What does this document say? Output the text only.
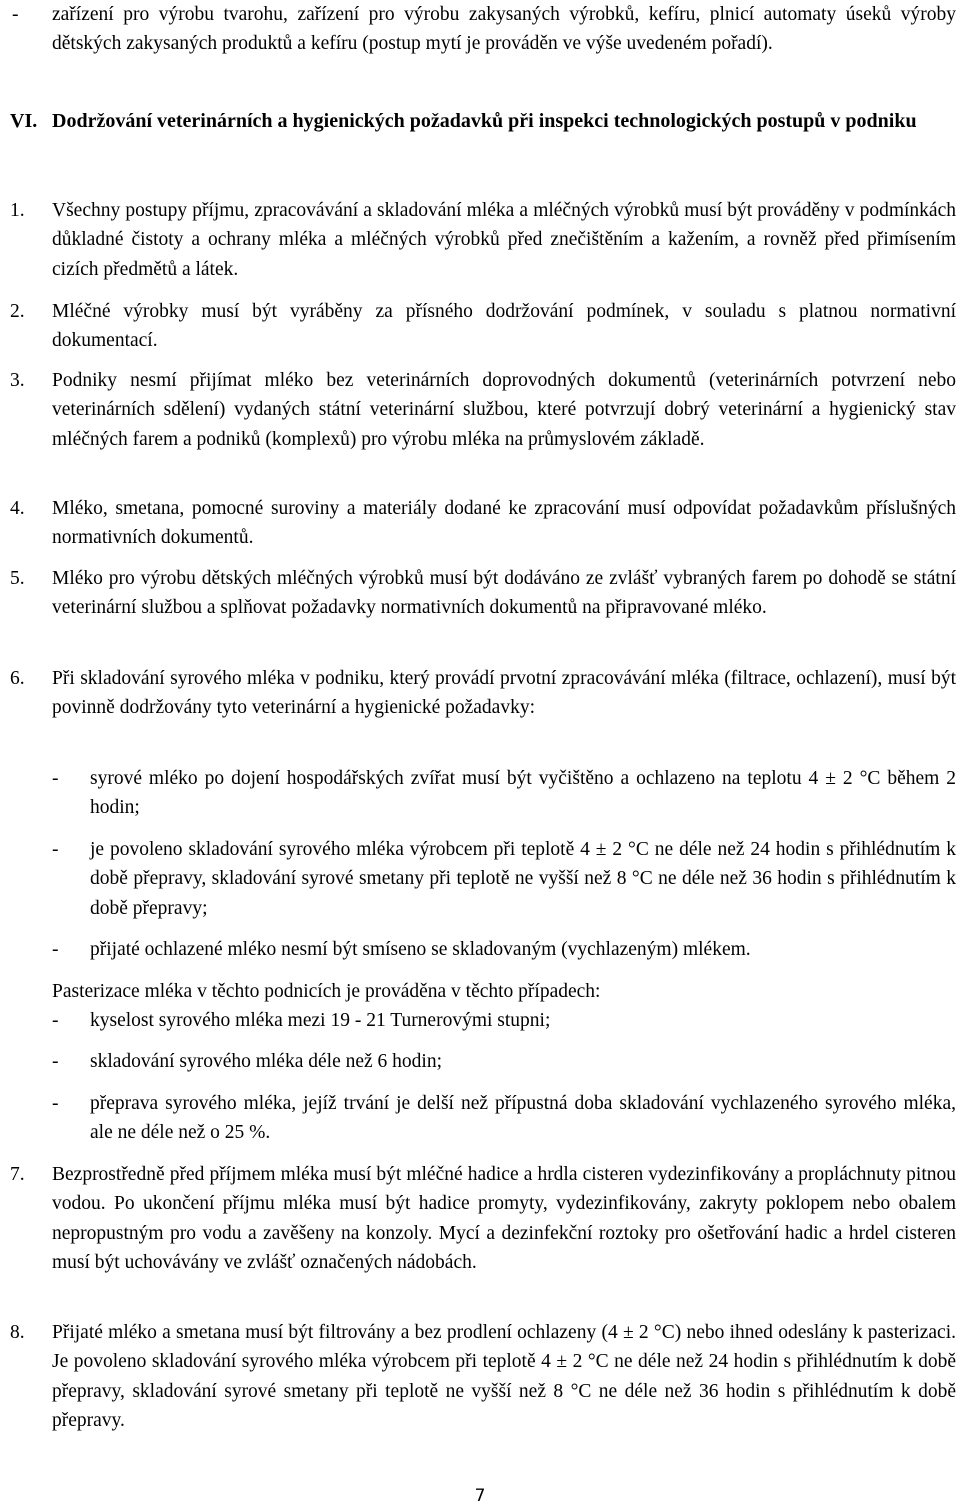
- zařízení pro výrobu tvarohu, zařízení pro výrobu zakysaných výrobků, kefíru, plnicí automaty úseků výroby dětských zakysaných produktů a kefíru (postup mytí je prováděn ve výše uvedeném pořadí).
VI. Dodržování veterinárních a hygienických požadavků při inspekci technologických postupů v podniku
1. Všechny postupy příjmu, zpracovávání a skladování mléka a mléčných výrobků musí být prováděny v podmínkách důkladné čistoty a ochrany mléka a mléčných výrobků před znečištěním a kažením, a rovněž před přimísením cizích předmětů a látek.
2. Mléčné výrobky musí být vyráběny za přísného dodržování podmínek, v souladu s platnou normativní dokumentací.
3. Podniky nesmí přijímat mléko bez veterinárních doprovodných dokumentů (veterinárních potvrzení nebo veterinárních sdělení) vydaných státní veterinární službou, které potvrzují dobrý veterinární a hygienický stav mléčných farem a podniků (komplexů) pro výrobu mléka na průmyslovém základě.
4. Mléko, smetana, pomocné suroviny a materiály dodané ke zpracování musí odpovídat požadavkům příslušných normativních dokumentů.
5. Mléko pro výrobu dětských mléčných výrobků musí být dodáváno ze zvlášť vybraných farem po dohodě se státní veterinární službou a splňovat požadavky normativních dokumentů na připravované mléko.
6. Při skladování syrového mléka v podniku, který provádí prvotní zpracovávání mléka (filtrace, ochlazení), musí být povinně dodržovány tyto veterinární a hygienické požadavky:
- syrové mléko po dojení hospodářských zvířat musí být vyčištěno a ochlazeno na teplotu 4 ± 2 °C během 2 hodin;
- je povoleno skladování syrového mléka výrobcem při teplotě 4 ± 2 °C ne déle než 24 hodin s přihlédnutím k době přepravy, skladování syrové smetany při teplotě ne vyšší než 8 °C ne déle než 36 hodin s přihlédnutím k době přepravy;
- přijaté ochlazené mléko nesmí být smíseno se skladovaným (vychlazeným) mlékem.
Pasterizace mléka v těchto podnicích je prováděna v těchto případech:
- kyselost syrového mléka mezi 19 - 21 Turnerovými stupni;
- skladování syrového mléka déle než 6 hodin;
- přeprava syrového mléka, jejíž trvání je delší než přípustná doba skladování vychlazeného syrového mléka, ale ne déle než o 25 %.
7. Bezprostředně před příjmem mléka musí být mléčné hadice a hrdla cisteren vydezinfikovány a propláchnuty pitnou vodou. Po ukončení příjmu mléka musí být hadice promyty, vydezinfikovány, zakryty poklopem nebo obalem nepropustným pro vodu a zavěšeny na konzoly. Mycí a dezinfekční roztoky pro ošetřování hadic a hrdel cisteren musí být uchovávány ve zvlášť označených nádobách.
8. Přijaté mléko a smetana musí být filtrovány a bez prodlení ochlazeny (4 ± 2 °C) nebo ihned odeslány k pasterizaci. Je povoleno skladování syrového mléka výrobcem při teplotě 4 ± 2 °C ne déle než 24 hodin s přihlédnutím k době přepravy, skladování syrové smetany při teplotě ne vyšší než 8 °C ne déle než 36 hodin s přihlédnutím k době přepravy.
7
